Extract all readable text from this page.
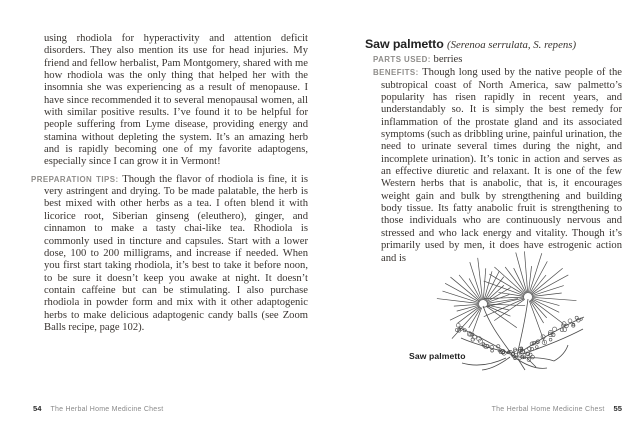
using rhodiola for hyperactivity and attention deficit disorders. They also mention its use for head injuries. My friend and fellow herbalist, Pam Montgomery, shared with me how rhodiola was the only thing that helped her with the insomnia she was experiencing as a result of menopause. I have since recommended it to several menopausal women, all with similar positive results. I’ve found it to be helpful for people suffering from Lyme disease, providing energy and stamina without depleting the system. It’s an amazing herb and is rapidly becoming one of my favorite adaptogens, especially since I can grow it in Vermont!

PREPARATION TIPS: Though the flavor of rhodiola is fine, it is very astringent and drying. To be made palatable, the herb is best mixed with other herbs as a tea. I often blend it with licorice root, Siberian ginseng (eleuthero), ginger, and cinnamon to make a tasty chai-like tea. Rhodiola is commonly used in tincture and capsules. Start with a lower dose, 100 to 200 milligrams, and increase if needed. When you first start taking rhodiola, it’s best to take it before noon, to be sure it doesn’t keep you awake at night. It doesn’t contain caffeine but can be stimulating. I also purchase rhodiola in powder form and mix with it other adaptogenic herbs to make delicious adaptogenic candy balls (see Zoom Balls recipe, page 102).

Saw palmetto (Serenoa serrulata, S. repens)

PARTS USED: berries

BENEFITS: Though long used by the native people of the subtropical coast of North America, saw palmetto’s popularity has risen rapidly in recent years, and understandably so. It is simply the best remedy for inflammation of the prostate gland and its associated symptoms (such as dribbling urine, painful urination, the need to urinate several times during the night, and incomplete urination). It’s tonic in action and serves as an effective diuretic and relaxant. It is one of the few Western herbs that is anabolic, that is, it encourages weight gain and bulk by strengthening and building body tissue. Its fatty anabolic fruit is strengthening to those individuals who are continuously nervous and stressed and who lack energy and vitality. Though it’s primarily used by men, it does have estrogenic action and is

Saw palmetto
54 The Herbal Home Medicine Chest	The Herbal Home Medicine Chest 55
